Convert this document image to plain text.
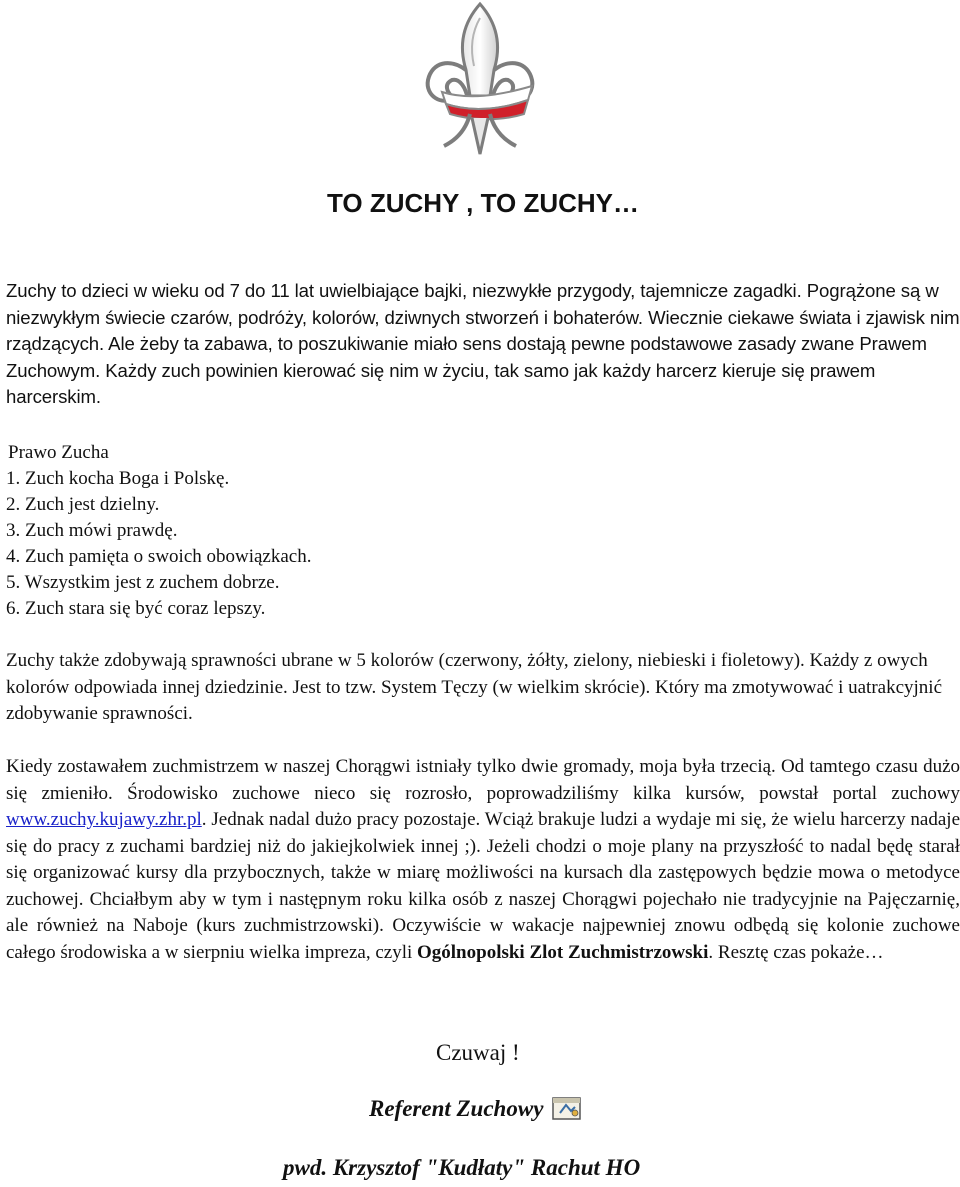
TO ZUCHY , TO ZUCHY…

Zuchy to dzieci w wieku od 7 do 11 lat uwielbiające bajki, niezwykłe przygody, tajemnicze zagadki. Pogrążone są w niezwykłym świecie czarów, podróży, kolorów, dziwnych stworzeń i bohaterów. Wiecznie ciekawe świata i zjawisk nim rządzących. Ale żeby ta zabawa, to poszukiwanie miało sens dostają pewne podstawowe zasady zwane Prawem Zuchowym. Każdy zuch powinien kierować się nim w życiu, tak samo jak każdy harcerz kieruje się prawem harcerskim.

Prawo Zucha
1. Zuch kocha Boga i Polskę.
2. Zuch jest dzielny.
3. Zuch mówi prawdę.
4. Zuch pamięta o swoich obowiązkach.
5. Wszystkim jest z zuchem dobrze.
6. Zuch stara się być coraz lepszy.

Zuchy także zdobywają sprawności ubrane w 5 kolorów (czerwony, żółty, zielony, niebieski i fioletowy). Każdy z owych kolorów odpowiada innej dziedzinie. Jest to tzw. System Tęczy (w wielkim skrócie). Który ma zmotywować i uatrakcyjnić zdobywanie sprawności.

Kiedy zostawałem zuchmistrzem w naszej Chorągwi istniały tylko dwie gromady, moja była trzecią. Od tamtego czasu dużo się zmieniło. Środowisko zuchowe nieco się rozrosło, poprowadziliśmy kilka kursów, powstał portal zuchowy www.zuchy.kujawy.zhr.pl. Jednak nadal dużo pracy pozostaje. Wciąż brakuje ludzi a wydaje mi się, że wielu harcerzy nadaje się do pracy z zuchami bardziej niż do jakiejkolwiek innej ;). Jeżeli chodzi o moje plany na przyszłość to nadal będę starał się organizować kursy dla przybocznych, także w miarę możliwości na kursach dla zastępowych będzie mowa o metodyce zuchowej. Chciałbym aby w tym i następnym roku kilka osób z naszej Chorągwi pojechało nie tradycyjnie na Pajęczarnię, ale również na Naboje (kurs zuchmistrzowski). Oczywiście w wakacje najpewniej znowu odbędą się kolonie zuchowe całego środowiska a w sierpniu wielka impreza, czyli Ogólnopolski Zlot Zuchmistrzowski. Resztę czas pokaże…

Czuwaj !

Referent Zuchowy

pwd. Krzysztof "Kudłaty" Rachut HO
